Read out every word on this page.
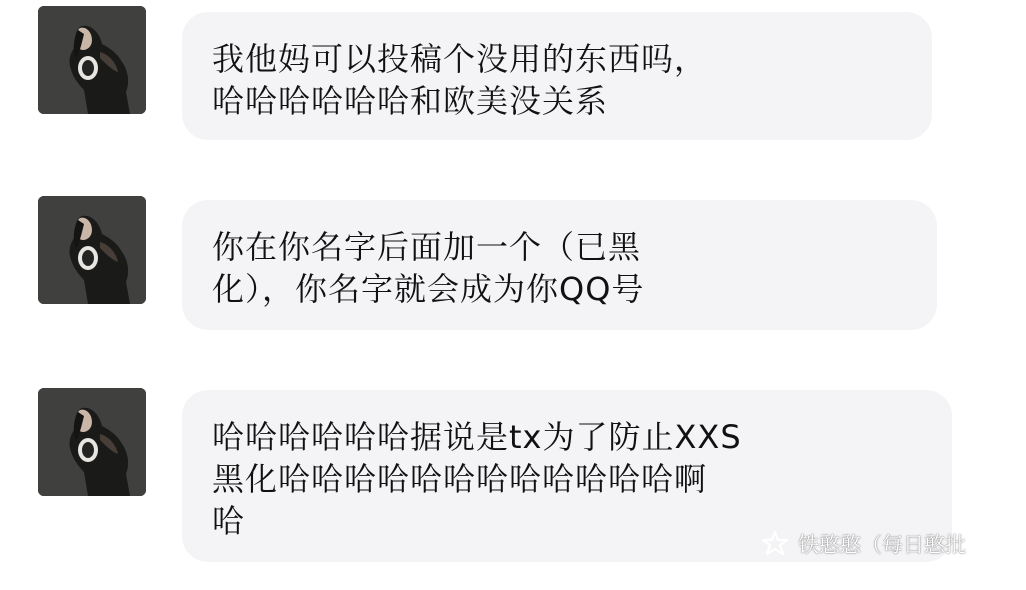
我他妈可以投稿个没用的东西吗，
哈哈哈哈哈哈和欧美没关系
你在你名字后面加一个（已黑
化），你名字就会成为你QQ号
哈哈哈哈哈哈据说是tx为了防止XXS
黑化哈哈哈哈哈哈哈哈哈哈哈哈啊
哈
铁憨憨（每日憨批
